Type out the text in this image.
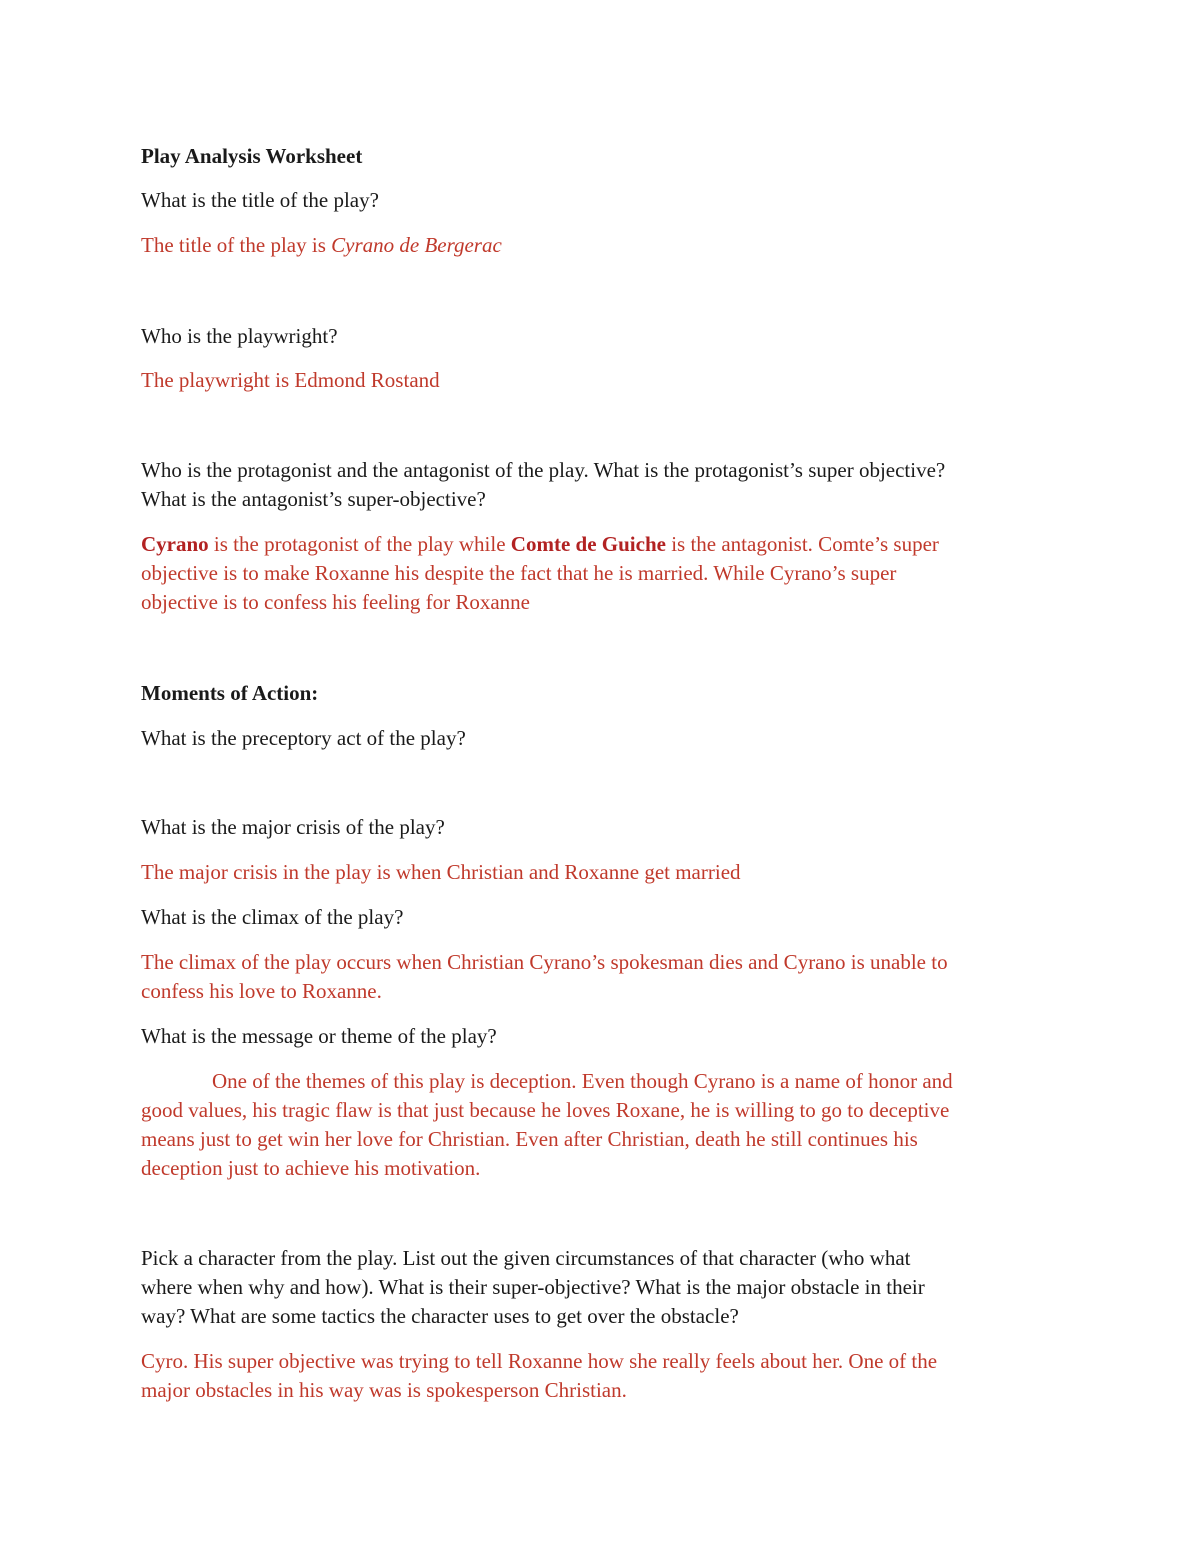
Play Analysis Worksheet

What is the title of the play?

The title of the play is Cyrano de Bergerac

Who is the playwright?

The playwright is Edmond Rostand

Who is the protagonist and the antagonist of the play. What is the protagonist’s super objective?

What is the antagonist’s super-objective?

Cyrano is the protagonist of the play while Comte de Guiche is the antagonist. Comte’s super

objective is to make Roxanne his despite the fact that he is married. While Cyrano’s super

objective is to confess his feeling for Roxanne

Moments of Action:

What is the preceptory act of the play?

What is the major crisis of the play?

The major crisis in the play is when Christian and Roxanne get married

What is the climax of the play?

The climax of the play occurs when Christian Cyrano’s spokesman dies and Cyrano is unable to

confess his love to Roxanne.

What is the message or theme of the play?

One of the themes of this play is deception. Even though Cyrano is a name of honor and

good values, his tragic flaw is that just because he loves Roxane, he is willing to go to deceptive

means just to get win her love for Christian. Even after Christian, death he still continues his

deception just to achieve his motivation.

Pick a character from the play. List out the given circumstances of that character (who what

where when why and how). What is their super-objective? What is the major obstacle in their

way? What are some tactics the character uses to get over the obstacle?

Cyro. His super objective was trying to tell Roxanne how she really feels about her. One of the

major obstacles in his way was is spokesperson Christian.
